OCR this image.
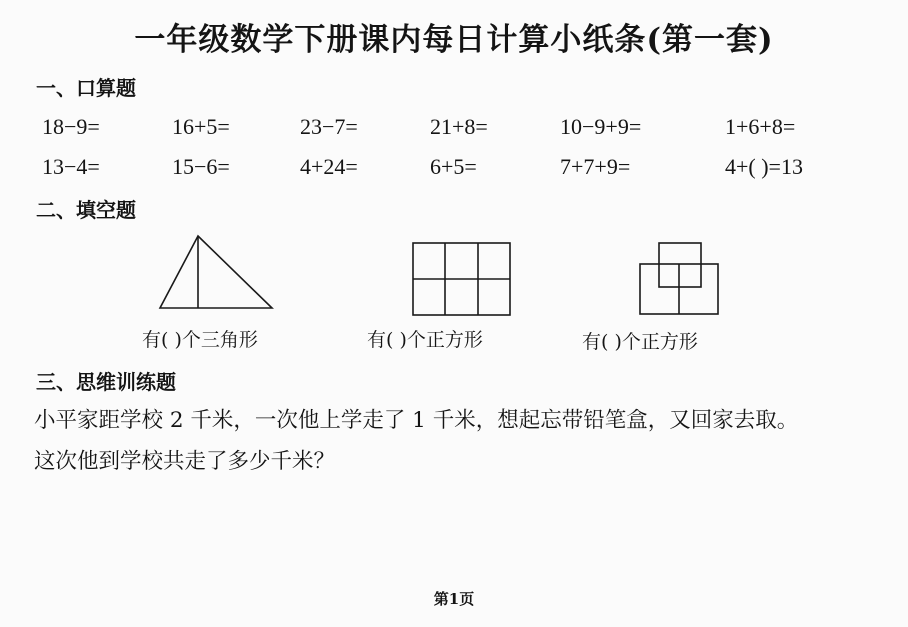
一年级数学下册课内每日计算小纸条(第一套)
一、口算题
18−9=	16+5=	23−7=	21+8=	10−9+9=	1+6+8=
13−4=	15−6=	4+24=	6+5=	7+7+9=	4+( )=13
二、填空题
有( )个三角形	有( )个正方形	有( )个正方形
三、思维训练题
小平家距学校 2 千米，一次他上学走了 1 千米，想起忘带铅笔盒，又回家去取。
这次他到学校共走了多少千米？
第1页
